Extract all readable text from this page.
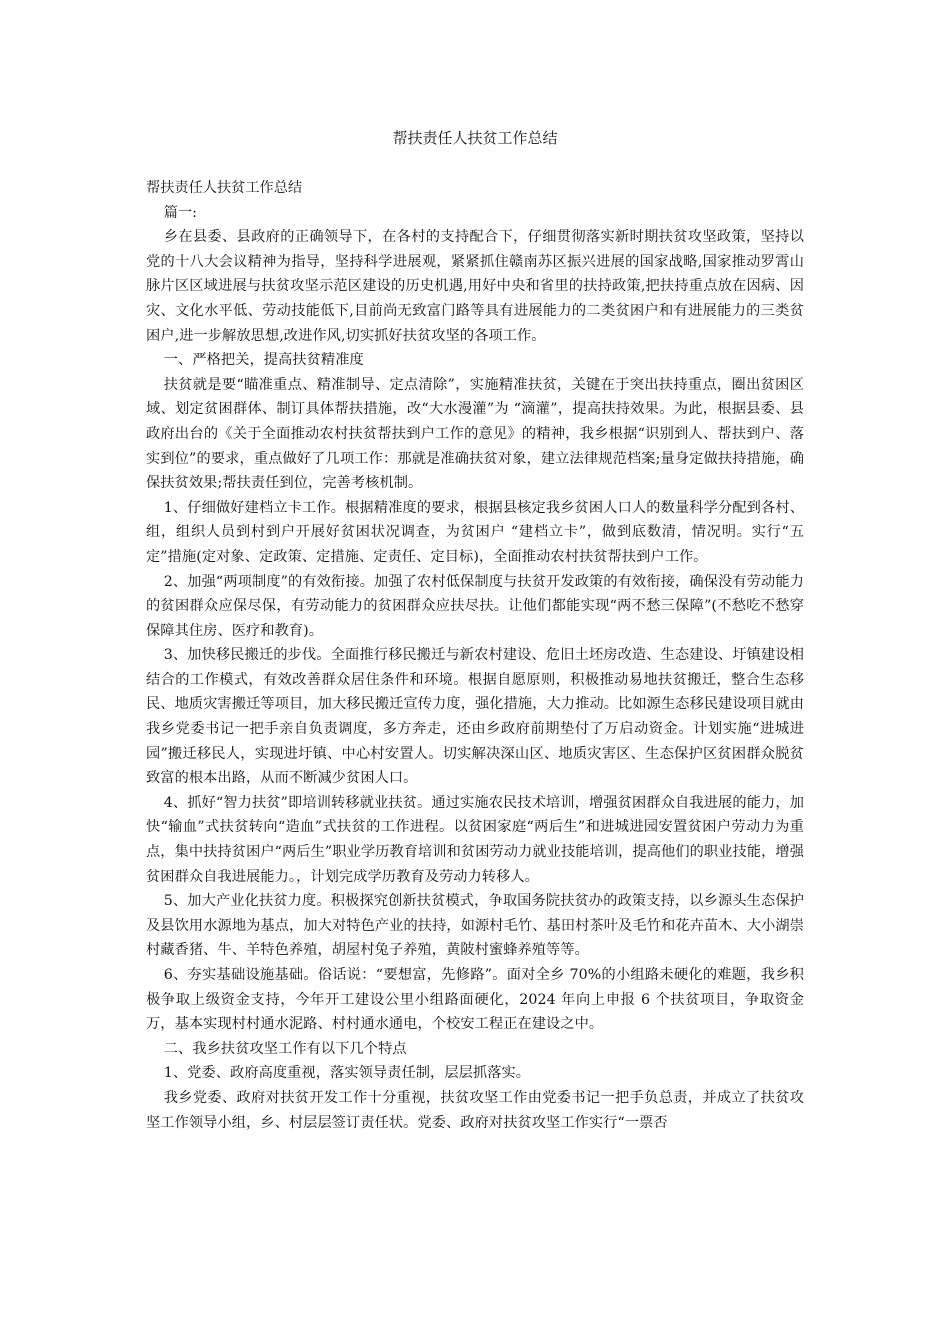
帮扶责任人扶贫工作总结

帮扶责任人扶贫工作总结

篇一:

乡在县委、县政府的正确领导下，在各村的支持配合下，仔细贯彻落实新时期扶贫攻坚政策，坚持以党的十八大会议精神为指导，坚持科学进展观，紧紧抓住赣南苏区振兴进展的国家战略,国家推动罗霄山脉片区区域进展与扶贫攻坚示范区建设的历史机遇,用好中央和省里的扶持政策,把扶持重点放在因病、因灾、文化水平低、劳动技能低下,目前尚无致富门路等具有进展能力的二类贫困户和有进展能力的三类贫困户,进一步解放思想,改进作风,切实抓好扶贫攻坚的各项工作。

一、严格把关，提高扶贫精准度

扶贫就是要“瞄准重点、精准制导、定点清除”，实施精准扶贫，关键在于突出扶持重点，圈出贫困区域、划定贫困群体、制订具体帮扶措施，改“大水漫灌”为 “滴灌”，提高扶持效果。为此，根据县委、县政府出台的《关于全面推动农村扶贫帮扶到户工作的意见》的精神，我乡根据“识别到人、帮扶到户、落实到位”的要求，重点做好了几项工作：那就是准确扶贫对象，建立法律规范档案;量身定做扶持措施，确保扶贫效果;帮扶责任到位，完善考核机制。

1、仔细做好建档立卡工作。根据精准度的要求，根据县核定我乡贫困人口人的数量科学分配到各村、组，组织人员到村到户开展好贫困状况调查，为贫困户 “建档立卡”，做到底数清，情况明。实行“五定”措施(定对象、定政策、定措施、定责任、定目标)，全面推动农村扶贫帮扶到户工作。

2、加强“两项制度”的有效衔接。加强了农村低保制度与扶贫开发政策的有效衔接，确保没有劳动能力的贫困群众应保尽保，有劳动能力的贫困群众应扶尽扶。让他们都能实现“两不愁三保障”(不愁吃不愁穿保障其住房、医疗和教育)。

3、加快移民搬迁的步伐。全面推行移民搬迁与新农村建设、危旧土坯房改造、生态建设、圩镇建设相结合的工作模式，有效改善群众居住条件和环境。根据自愿原则，积极推动易地扶贫搬迁，整合生态移民、地质灾害搬迁等项目，加大移民搬迁宣传力度，强化措施，大力推动。比如源生态移民建设项目就由我乡党委书记一把手亲自负责调度，多方奔走，还由乡政府前期垫付了万启动资金。计划实施“进城进园”搬迁移民人，实现进圩镇、中心村安置人。切实解决深山区、地质灾害区、生态保护区贫困群众脱贫致富的根本出路，从而不断减少贫困人口。

4、抓好“智力扶贫”即培训转移就业扶贫。通过实施农民技术培训，增强贫困群众自我进展的能力，加快“输血”式扶贫转向“造血”式扶贫的工作进程。以贫困家庭“两后生”和进城进园安置贫困户劳动力为重点，集中扶持贫困户“两后生”职业学历教育培训和贫困劳动力就业技能培训，提高他们的职业技能，增强贫困群众自我进展能力。，计划完成学历教育及劳动力转移人。

5、加大产业化扶贫力度。积极探究创新扶贫模式，争取国务院扶贫办的政策支持，以乡源头生态保护及县饮用水源地为基点，加大对特色产业的扶持，如源村毛竹、基田村茶叶及毛竹和花卉苗木、大小湖崇村藏香猪、牛、羊特色养殖，胡屋村兔子养殖，黄陂村蜜蜂养殖等等。

6、夯实基础设施基础。俗话说：“要想富，先修路”。面对全乡 70%的小组路未硬化的难题，我乡积极争取上级资金支持，今年开工建设公里小组路面硬化，2024 年向上申报 6 个扶贫项目，争取资金万，基本实现村村通水泥路、村村通水通电，个校安工程正在建设之中。

二、我乡扶贫攻坚工作有以下几个特点

1、党委、政府高度重视，落实领导责任制，层层抓落实。

我乡党委、政府对扶贫开发工作十分重视，扶贫攻坚工作由党委书记一把手负总责，并成立了扶贫攻坚工作领导小组，乡、村层层签订责任状。党委、政府对扶贫攻坚工作实行“一票否
